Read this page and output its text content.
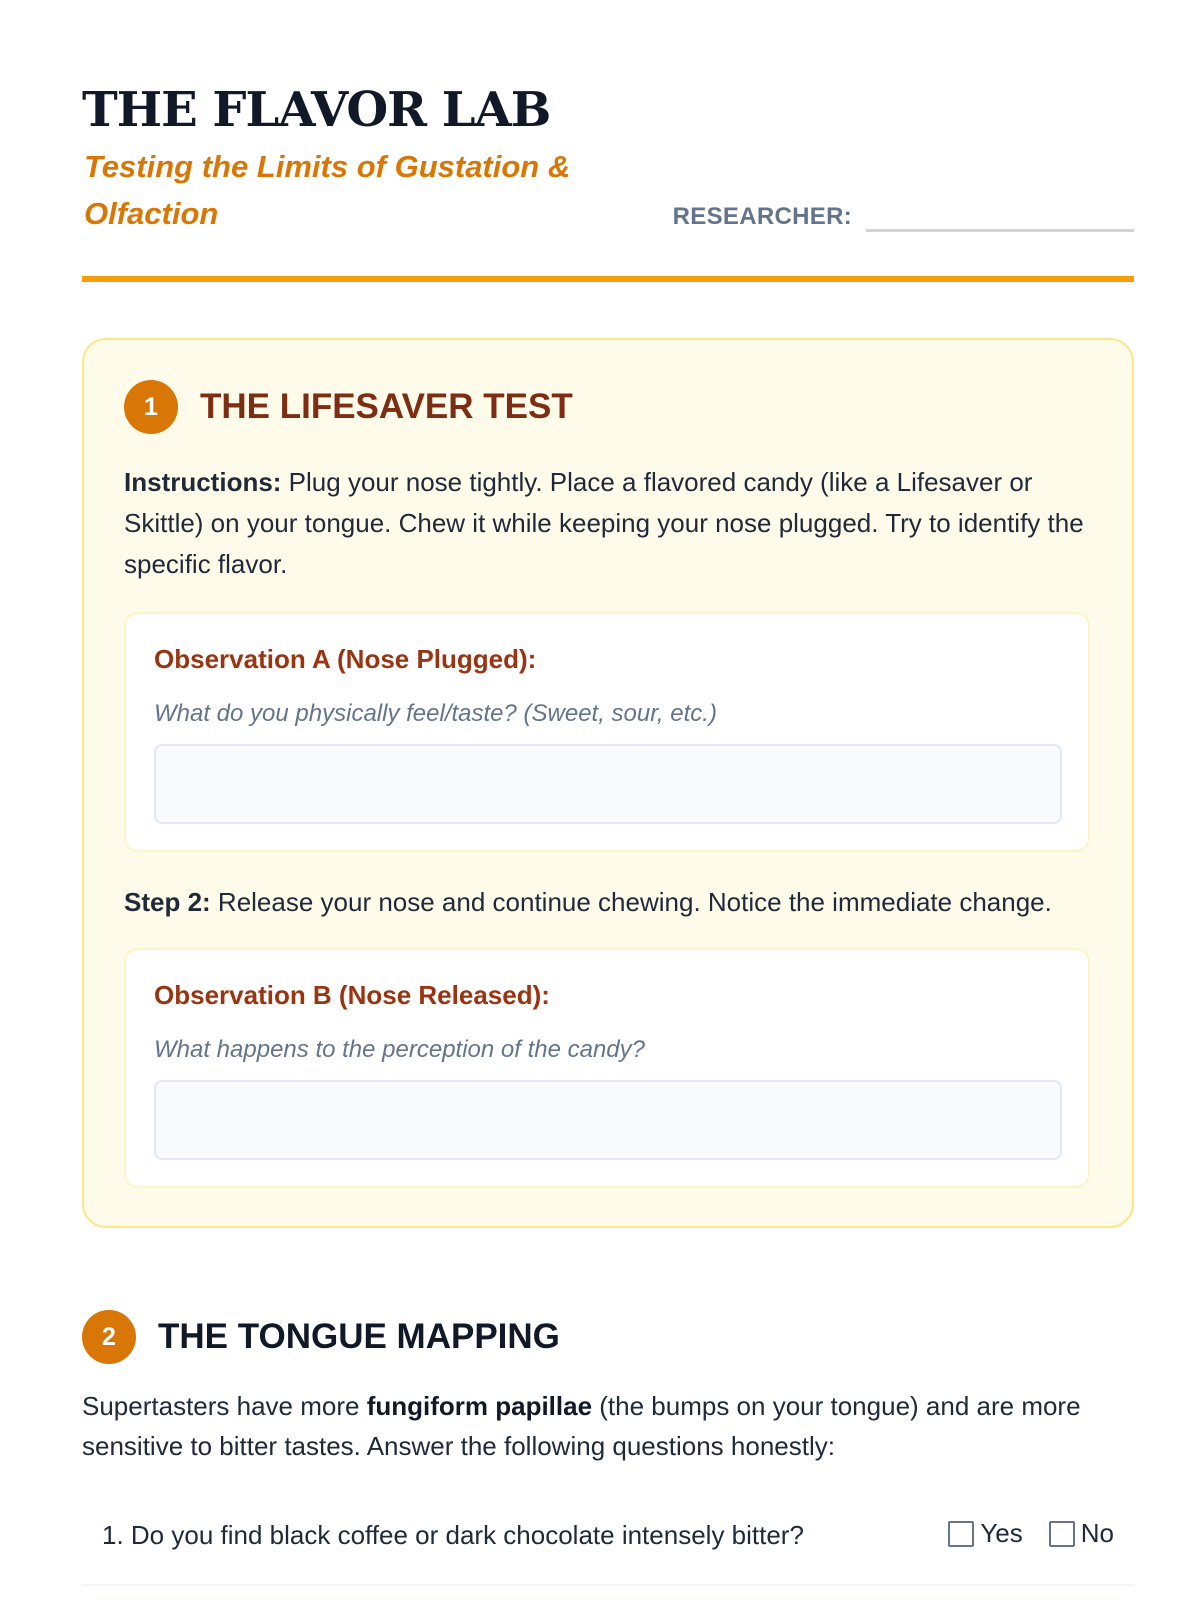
THE FLAVOR LAB
Testing the Limits of Gustation & Olfaction	RESEARCHER:
1	THE LIFESAVER TEST

Instructions: Plug your nose tightly. Place a flavored candy (like a Lifesaver or Skittle) on your tongue. Chew it while keeping your nose plugged. Try to identify the specific flavor.

Observation A (Nose Plugged):
What do you physically feel/taste? (Sweet, sour, etc.)

Step 2: Release your nose and continue chewing. Notice the immediate change.

Observation B (Nose Released):
What happens to the perception of the candy?
2	THE TONGUE MAPPING

Supertasters have more fungiform papillae (the bumps on your tongue) and are more sensitive to bitter tastes. Answer the following questions honestly:

1. Do you find black coffee or dark chocolate intensely bitter?	Yes No
